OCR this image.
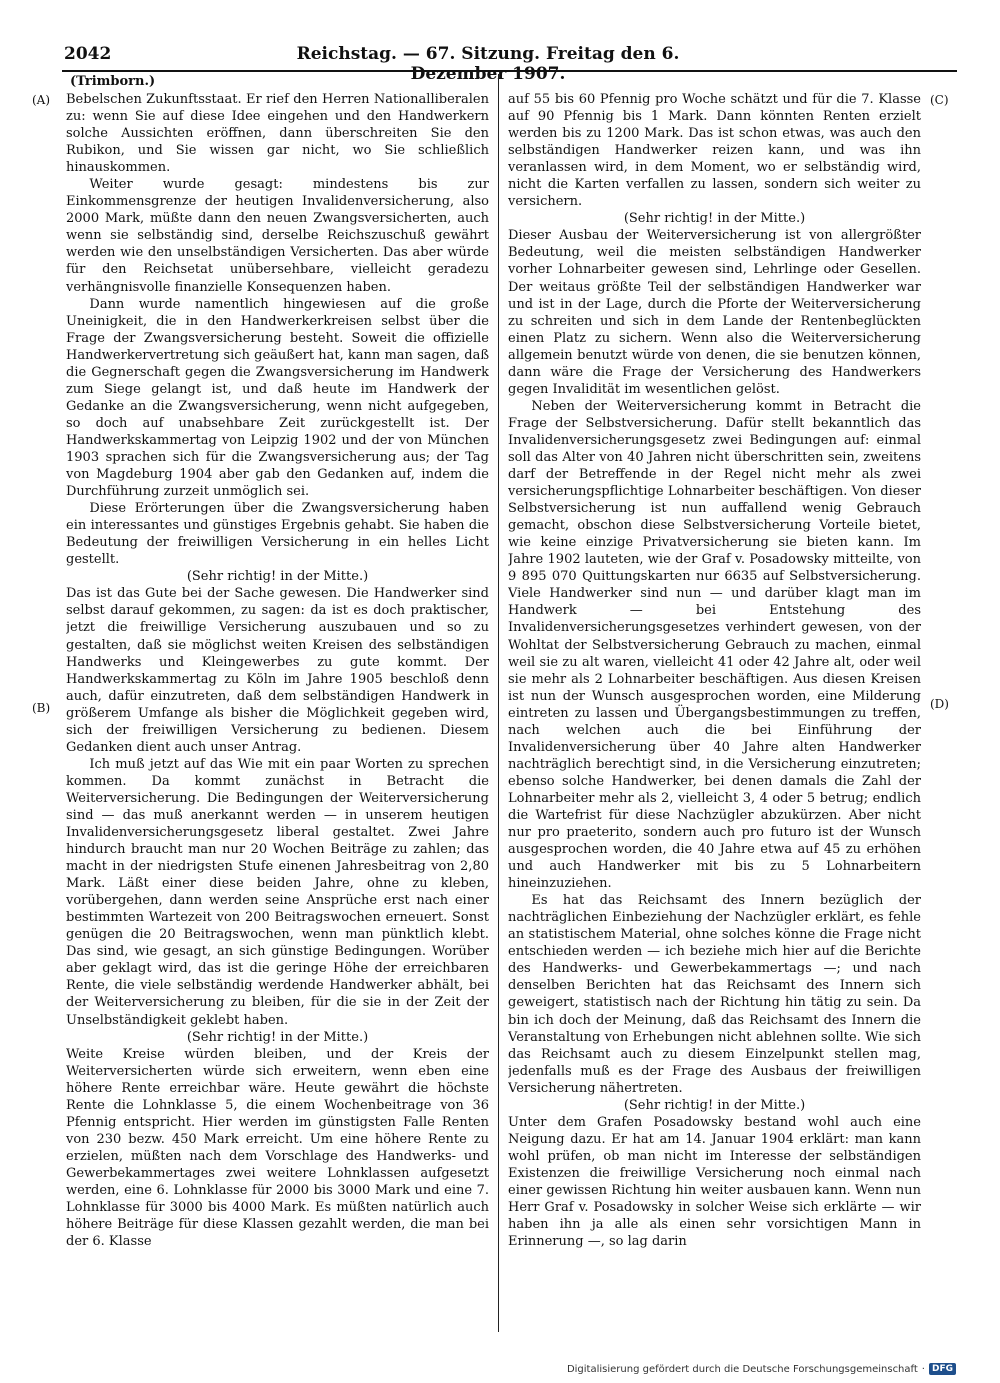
2042	Reichstag. — 67. Sitzung. Freitag den 6. Dezember 1907.
(Trimborn.)
(A)
(B)
(C)
(D)

Bebelschen Zukunftsstaat. Er rief den Herren Nationalliberalen zu: wenn Sie auf diese Idee eingehen und den Handwerkern solche Aussichten eröffnen, dann überschreiten Sie den Rubikon, und Sie wissen gar nicht, wo Sie schließlich hinauskommen.

Weiter wurde gesagt: mindestens bis zur Einkommensgrenze der heutigen Invalidenversicherung, also 2000 Mark, müßte dann den neuen Zwangsversicherten, auch wenn sie selbständig sind, derselbe Reichszuschuß gewährt werden wie den unselbständigen Versicherten. Das aber würde für den Reichsetat unübersehbare, vielleicht geradezu verhängnisvolle finanzielle Konsequenzen haben.

Dann wurde namentlich hingewiesen auf die große Uneinigkeit, die in den Handwerkerkreisen selbst über die Frage der Zwangsversicherung besteht. Soweit die offizielle Handwerkervertretung sich geäußert hat, kann man sagen, daß die Gegnerschaft gegen die Zwangsversicherung im Handwerk zum Siege gelangt ist, und daß heute im Handwerk der Gedanke an die Zwangsversicherung, wenn nicht aufgegeben, so doch auf unabsehbare Zeit zurückgestellt ist. Der Handwerkskammertag von Leipzig 1902 und der von München 1903 sprachen sich für die Zwangsversicherung aus; der Tag von Magdeburg 1904 aber gab den Gedanken auf, indem die Durchführung zurzeit unmöglich sei.

Diese Erörterungen über die Zwangsversicherung haben ein interessantes und günstiges Ergebnis gehabt. Sie haben die Bedeutung der freiwilligen Versicherung in ein helles Licht gestellt.

(Sehr richtig! in der Mitte.)

Das ist das Gute bei der Sache gewesen. Die Handwerker sind selbst darauf gekommen, zu sagen: da ist es doch praktischer, jetzt die freiwillige Versicherung auszubauen und so zu gestalten, daß sie möglichst weiten Kreisen des selbständigen Handwerks und Kleingewerbes zu gute kommt. Der Handwerkskammertag zu Köln im Jahre 1905 beschloß denn auch, dafür einzutreten, daß dem selbständigen Handwerk in größerem Umfange als bisher die Möglichkeit gegeben wird, sich der freiwilligen Versicherung zu bedienen. Diesem Gedanken dient auch unser Antrag.

Ich muß jetzt auf das Wie mit ein paar Worten zu sprechen kommen. Da kommt zunächst in Betracht die Weiterversicherung. Die Bedingungen der Weiterversicherung sind — das muß anerkannt werden — in unserem heutigen Invalidenversicherungsgesetz liberal gestaltet. Zwei Jahre hindurch braucht man nur 20 Wochen Beiträge zu zahlen; das macht in der niedrigsten Stufe einenen Jahresbeitrag von 2,80 Mark. Läßt einer diese beiden Jahre, ohne zu kleben, vorübergehen, dann werden seine Ansprüche erst nach einer bestimmten Wartezeit von 200 Beitragswochen erneuert. Sonst genügen die 20 Beitragswochen, wenn man pünktlich klebt. Das sind, wie gesagt, an sich günstige Bedingungen. Worüber aber geklagt wird, das ist die geringe Höhe der erreichbaren Rente, die viele selbständig werdende Handwerker abhält, bei der Weiterversicherung zu bleiben, für die sie in der Zeit der Unselbständigkeit geklebt haben.

(Sehr richtig! in der Mitte.)

Weite Kreise würden bleiben, und der Kreis der Weiterversicherten würde sich erweitern, wenn eben eine höhere Rente erreichbar wäre. Heute gewährt die höchste Rente die Lohnklasse 5, die einem Wochenbeitrage von 36 Pfennig entspricht. Hier werden im günstigsten Falle Renten von 230 bezw. 450 Mark erreicht. Um eine höhere Rente zu erzielen, müßten nach dem Vorschlage des Handwerks- und Gewerbekammertages zwei weitere Lohnklassen aufgesetzt werden, eine 6. Lohnklasse für 2000 bis 3000 Mark und eine 7. Lohnklasse für 3000 bis 4000 Mark. Es müßten natürlich auch höhere Beiträge für diese Klassen gezahlt werden, die man bei der 6. Klasse

auf 55 bis 60 Pfennig pro Woche schätzt und für die 7. Klasse auf 90 Pfennig bis 1 Mark. Dann könnten Renten erzielt werden bis zu 1200 Mark. Das ist schon etwas, was auch den selbständigen Handwerker reizen kann, und was ihn veranlassen wird, in dem Moment, wo er selbständig wird, nicht die Karten verfallen zu lassen, sondern sich weiter zu versichern.

(Sehr richtig! in der Mitte.)

Dieser Ausbau der Weiterversicherung ist von allergrößter Bedeutung, weil die meisten selbständigen Handwerker vorher Lohnarbeiter gewesen sind, Lehrlinge oder Gesellen. Der weitaus größte Teil der selbständigen Handwerker war und ist in der Lage, durch die Pforte der Weiterversicherung zu schreiten und sich in dem Lande der Rentenbeglückten einen Platz zu sichern. Wenn also die Weiterversicherung allgemein benutzt würde von denen, die sie benutzen können, dann wäre die Frage der Versicherung des Handwerkers gegen Invalidität im wesentlichen gelöst.

Neben der Weiterversicherung kommt in Betracht die Frage der Selbstversicherung. Dafür stellt bekanntlich das Invalidenversicherungsgesetz zwei Bedingungen auf: einmal soll das Alter von 40 Jahren nicht überschritten sein, zweitens darf der Betreffende in der Regel nicht mehr als zwei versicherungspflichtige Lohnarbeiter beschäftigen. Von dieser Selbstversicherung ist nun auffallend wenig Gebrauch gemacht, obschon diese Selbstversicherung Vorteile bietet, wie keine einzige Privatversicherung sie bieten kann. Im Jahre 1902 lauteten, wie der Graf v. Posadowsky mitteilte, von 9 895 070 Quittungskarten nur 6635 auf Selbstversicherung. Viele Handwerker sind nun — und darüber klagt man im Handwerk — bei Entstehung des Invalidenversicherungsgesetzes verhindert gewesen, von der Wohltat der Selbstversicherung Gebrauch zu machen, einmal weil sie zu alt waren, vielleicht 41 oder 42 Jahre alt, oder weil sie mehr als 2 Lohnarbeiter beschäftigen. Aus diesen Kreisen ist nun der Wunsch ausgesprochen worden, eine Milderung eintreten zu lassen und Übergangsbestimmungen zu treffen, nach welchen auch die bei Einführung der Invalidenversicherung über 40 Jahre alten Handwerker nachträglich berechtigt sind, in die Versicherung einzutreten; ebenso solche Handwerker, bei denen damals die Zahl der Lohnarbeiter mehr als 2, vielleicht 3, 4 oder 5 betrug; endlich die Wartefrist für diese Nachzügler abzukürzen. Aber nicht nur pro praeterito, sondern auch pro futuro ist der Wunsch ausgesprochen worden, die 40 Jahre etwa auf 45 zu erhöhen und auch Handwerker mit bis zu 5 Lohnarbeitern hineinzuziehen.

Es hat das Reichsamt des Innern bezüglich der nachträglichen Einbeziehung der Nachzügler erklärt, es fehle an statistischem Material, ohne solches könne die Frage nicht entschieden werden — ich beziehe mich hier auf die Berichte des Handwerks- und Gewerbekammertags —; und nach denselben Berichten hat das Reichsamt des Innern sich geweigert, statistisch nach der Richtung hin tätig zu sein. Da bin ich doch der Meinung, daß das Reichsamt des Innern die Veranstaltung von Erhebungen nicht ablehnen sollte. Wie sich das Reichsamt auch zu diesem Einzelpunkt stellen mag, jedenfalls muß es der Frage des Ausbaus der freiwilligen Versicherung nähertreten.

(Sehr richtig! in der Mitte.)

Unter dem Grafen Posadowsky bestand wohl auch eine Neigung dazu. Er hat am 14. Januar 1904 erklärt: man kann wohl prüfen, ob man nicht im Interesse der selbständigen Existenzen die freiwillige Versicherung noch einmal nach einer gewissen Richtung hin weiter ausbauen kann. Wenn nun Herr Graf v. Posadowsky in solcher Weise sich erklärte — wir haben ihn ja alle als einen sehr vorsichtigen Mann in Erinnerung —, so lag darin

Digitalisierung gefördert durch die Deutsche Forschungsgemeinschaft · DFG
